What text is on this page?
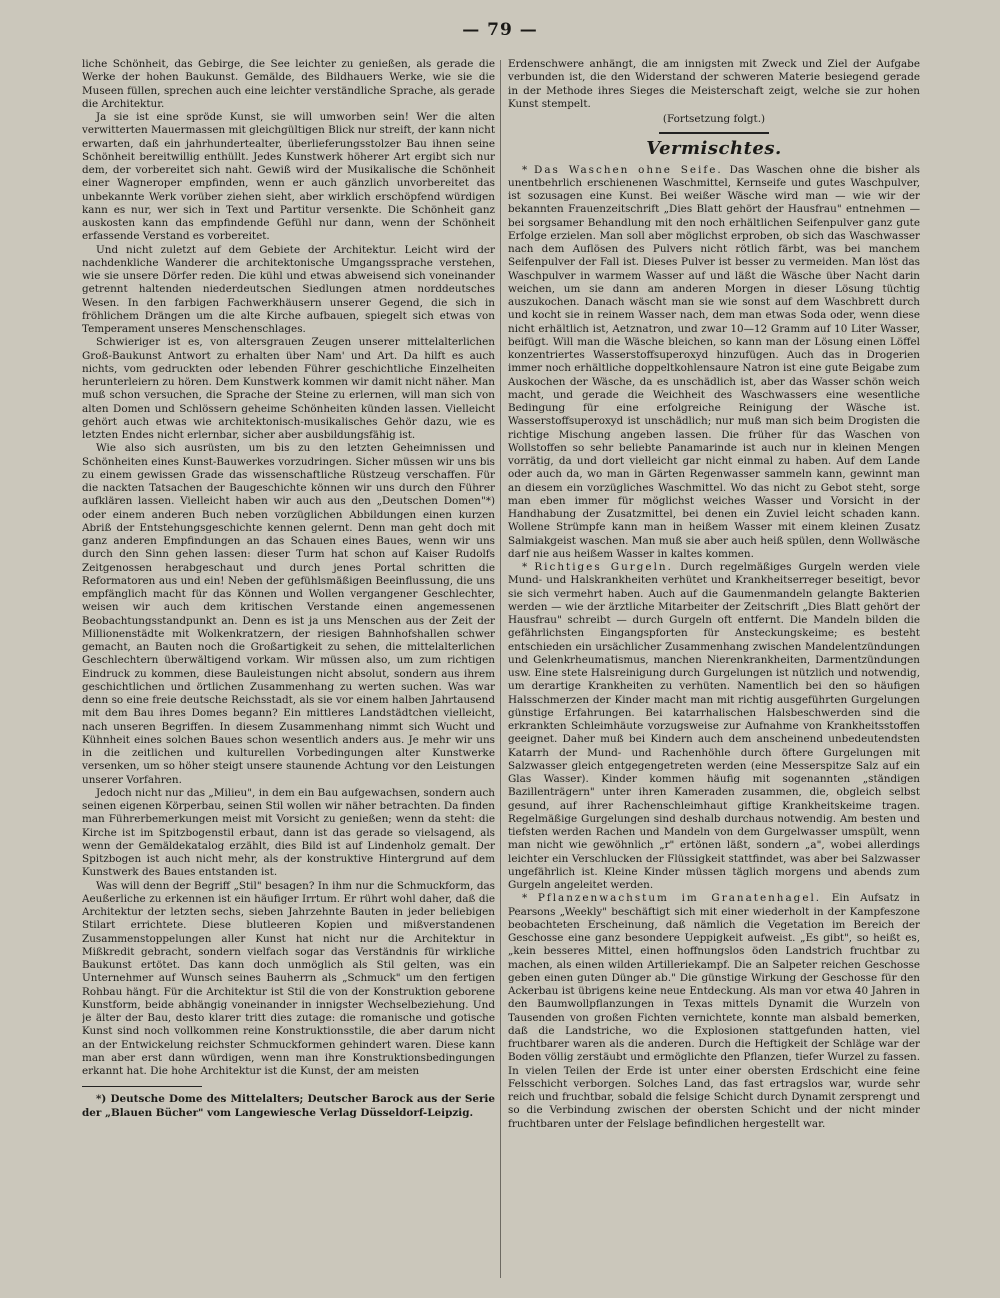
— 79 —

liche Schönheit, das Gebirge, die See leichter zu genießen, als gerade die Werke der hohen Baukunst. Gemälde, des Bildhauers Werke, wie sie die Museen füllen, sprechen auch eine leichter verständliche Sprache, als gerade die Architektur.

Ja sie ist eine spröde Kunst, sie will umworben sein! Wer die alten verwitterten Mauermassen mit gleichgültigen Blick nur streift, der kann nicht erwarten, daß ein jahrhundertealter, überlieferungsstolzer Bau ihnen seine Schönheit bereitwillig enthüllt. Jedes Kunstwerk höherer Art ergibt sich nur dem, der vorbereitet sich naht. Gewiß wird der Musikalische die Schönheit einer Wagneroper empfinden, wenn er auch gänzlich unvorbereitet das unbekannte Werk vorüber ziehen sieht, aber wirklich erschöpfend würdigen kann es nur, wer sich in Text und Partitur versenkte. Die Schönheit ganz auskosten kann das empfindende Gefühl nur dann, wenn der Schönheit erfassende Verstand es vorbereitet.

Und nicht zuletzt auf dem Gebiete der Architektur. Leicht wird der nachdenkliche Wanderer die architektonische Umgangssprache verstehen, wie sie unsere Dörfer reden. Die kühl und etwas abweisend sich voneinander getrennt haltenden niederdeutschen Siedlungen atmen norddeutsches Wesen. In den farbigen Fachwerkhäusern unserer Gegend, die sich in fröhlichem Drängen um die alte Kirche aufbauen, spiegelt sich etwas von Temperament unseres Menschenschlages.

Schwieriger ist es, von altersgrauen Zeugen unserer mittelalterlichen Groß-Baukunst Antwort zu erhalten über Nam' und Art. Da hilft es auch nichts, vom gedruckten oder lebenden Führer geschichtliche Einzelheiten herunterleiern zu hören. Dem Kunstwerk kommen wir damit nicht näher. Man muß schon versuchen, die Sprache der Steine zu erlernen, will man sich von alten Domen und Schlössern geheime Schönheiten künden lassen. Vielleicht gehört auch etwas wie architektonisch-musikalisches Gehör dazu, wie es letzten Endes nicht erlernbar, sicher aber ausbildungsfähig ist.

Wie also sich ausrüsten, um bis zu den letzten Geheimnissen und Schönheiten eines Kunst-Bauwerkes vorzudringen. Sicher müssen wir uns bis zu einem gewissen Grade das wissenschaftliche Rüstzeug verschaffen. Für die nackten Tatsachen der Baugeschichte können wir uns durch den Führer aufklären lassen. Vielleicht haben wir auch aus den „Deutschen Domen"*) oder einem anderen Buch neben vorzüglichen Abbildungen einen kurzen Abriß der Entstehungsgeschichte kennen gelernt. Denn man geht doch mit ganz anderen Empfindungen an das Schauen eines Baues, wenn wir uns durch den Sinn gehen lassen: dieser Turm hat schon auf Kaiser Rudolfs Zeitgenossen herabgeschaut und durch jenes Portal schritten die Reformatoren aus und ein! Neben der gefühlsmäßigen Beeinflussung, die uns empfänglich macht für das Können und Wollen vergangener Geschlechter, weisen wir auch dem kritischen Verstande einen angemessenen Beobachtungsstandpunkt an. Denn es ist ja uns Menschen aus der Zeit der Millionenstädte mit Wolkenkratzern, der riesigen Bahnhofshallen schwer gemacht, an Bauten noch die Großartigkeit zu sehen, die mittelalterlichen Geschlechtern überwältigend vorkam. Wir müssen also, um zum richtigen Eindruck zu kommen, diese Bauleistungen nicht absolut, sondern aus ihrem geschichtlichen und örtlichen Zusammenhang zu werten suchen. Was war denn so eine freie deutsche Reichsstadt, als sie vor einem halben Jahrtausend mit dem Bau ihres Domes begann? Ein mittleres Landstädtchen vielleicht, nach unseren Begriffen. In diesem Zusammenhang nimmt sich Wucht und Kühnheit eines solchen Baues schon wesentlich anders aus. Je mehr wir uns in die zeitlichen und kulturellen Vorbedingungen alter Kunstwerke versenken, um so höher steigt unsere staunende Achtung vor den Leistungen unserer Vorfahren.

Jedoch nicht nur das „Milieu", in dem ein Bau aufgewachsen, sondern auch seinen eigenen Körperbau, seinen Stil wollen wir näher betrachten. Da finden man Führerbemerkungen meist mit Vorsicht zu genießen; wenn da steht: die Kirche ist im Spitzbogenstil erbaut, dann ist das gerade so vielsagend, als wenn der Gemäldekatalog erzählt, dies Bild ist auf Lindenholz gemalt. Der Spitzbogen ist auch nicht mehr, als der konstruktive Hintergrund auf dem Kunstwerk des Baues entstanden ist.

Was will denn der Begriff „Stil" besagen? In ihm nur die Schmuckform, das Aeußerliche zu erkennen ist ein häufiger Irrtum. Er rührt wohl daher, daß die Architektur der letzten sechs, sieben Jahrzehnte Bauten in jeder beliebigen Stilart errichtete. Diese blutleeren Kopien und mißverstandenen Zusammenstoppelungen aller Kunst hat nicht nur die Architektur in Mißkredit gebracht, sondern vielfach sogar das Verständnis für wirkliche Baukunst ertötet. Das kann doch unmöglich als Stil gelten, was ein Unternehmer auf Wunsch seines Bauherrn als „Schmuck" um den fertigen Rohbau hängt. Für die Architektur ist Stil die von der Konstruktion geborene Kunstform, beide abhängig voneinander in innigster Wechselbeziehung. Und je älter der Bau, desto klarer tritt dies zutage: die romanische und gotische Kunst sind noch vollkommen reine Konstruktionsstile, die aber darum nicht an der Entwickelung reichster Schmuckformen gehindert waren. Diese kann man aber erst dann würdigen, wenn man ihre Konstruktionsbedingungen erkannt hat. Die hohe Architektur ist die Kunst, der am meisten

*) Deutsche Dome des Mittelalters; Deutscher Barock aus der Serie der „Blauen Bücher" vom Langewiesche Verlag Düsseldorf-Leipzig.

Erdenschwere anhängt, die am innigsten mit Zweck und Ziel der Aufgabe verbunden ist, die den Widerstand der schweren Materie besiegend gerade in der Methode ihres Sieges die Meisterschaft zeigt, welche sie zur hohen Kunst stempelt.

(Fortsetzung folgt.)

Vermischtes.

* Das Waschen ohne Seife. Das Waschen ohne die bisher als unentbehrlich erschienenen Waschmittel, Kernseife und gutes Waschpulver, ist sozusagen eine Kunst. Bei weißer Wäsche wird man — wie wir der bekannten Frauenzeitschrift „Dies Blatt gehört der Hausfrau" entnehmen — bei sorgsamer Behandlung mit den noch erhältlichen Seifenpulver ganz gute Erfolge erzielen. Man soll aber möglichst erproben, ob sich das Waschwasser nach dem Auflösen des Pulvers nicht rötlich färbt, was bei manchem Seifenpulver der Fall ist. Dieses Pulver ist besser zu vermeiden. Man löst das Waschpulver in warmem Wasser auf und läßt die Wäsche über Nacht darin weichen, um sie dann am anderen Morgen in dieser Lösung tüchtig auszukochen. Danach wäscht man sie wie sonst auf dem Waschbrett durch und kocht sie in reinem Wasser nach, dem man etwas Soda oder, wenn diese nicht erhältlich ist, Aetznatron, und zwar 10—12 Gramm auf 10 Liter Wasser, beifügt. Will man die Wäsche bleichen, so kann man der Lösung einen Löffel konzentriertes Wasserstoffsuperoxyd hinzufügen. Auch das in Drogerien immer noch erhältliche doppeltkohlensaure Natron ist eine gute Beigabe zum Auskochen der Wäsche, da es unschädlich ist, aber das Wasser schön weich macht, und gerade die Weichheit des Waschwassers eine wesentliche Bedingung für eine erfolgreiche Reinigung der Wäsche ist. Wasserstoffsuperoxyd ist unschädlich; nur muß man sich beim Drogisten die richtige Mischung angeben lassen. Die früher für das Waschen von Wollstoffen so sehr beliebte Panamarinde ist auch nur in kleinen Mengen vorrätig, da und dort vielleicht gar nicht einmal zu haben. Auf dem Lande oder auch da, wo man in Gärten Regenwasser sammeln kann, gewinnt man an diesem ein vorzügliches Waschmittel. Wo das nicht zu Gebot steht, sorge man eben immer für möglichst weiches Wasser und Vorsicht in der Handhabung der Zusatzmittel, bei denen ein Zuviel leicht schaden kann. Wollene Strümpfe kann man in heißem Wasser mit einem kleinen Zusatz Salmiakgeist waschen. Man muß sie aber auch heiß spülen, denn Wollwäsche darf nie aus heißem Wasser in kaltes kommen.

* Richtiges Gurgeln. Durch regelmäßiges Gurgeln werden viele Mund- und Halskrankheiten verhütet und Krankheitserreger beseitigt, bevor sie sich vermehrt haben. Auch auf die Gaumenmandeln gelangte Bakterien werden — wie der ärztliche Mitarbeiter der Zeitschrift „Dies Blatt gehört der Hausfrau" schreibt — durch Gurgeln oft entfernt. Die Mandeln bilden die gefährlichsten Eingangspforten für Ansteckungskeime; es besteht entschieden ein ursächlicher Zusammenhang zwischen Mandelentzündungen und Gelenkrheumatismus, manchen Nierenkrankheiten, Darmentzündungen usw. Eine stete Halsreinigung durch Gurgelungen ist nützlich und notwendig, um derartige Krankheiten zu verhüten. Namentlich bei den so häufigen Halsschmerzen der Kinder macht man mit richtig ausgeführten Gurgelungen günstige Erfahrungen. Bei katarrhalischen Halsbeschwerden sind die erkrankten Schleimhäute vorzugsweise zur Aufnahme von Krankheitsstoffen geeignet. Daher muß bei Kindern auch dem anscheinend unbedeutendsten Katarrh der Mund- und Rachenhöhle durch öftere Gurgelungen mit Salzwasser gleich entgegengetreten werden (eine Messerspitze Salz auf ein Glas Wasser). Kinder kommen häufig mit sogenannten „ständigen Bazillenträgern" unter ihren Kameraden zusammen, die, obgleich selbst gesund, auf ihrer Rachenschleimhaut giftige Krankheitskeime tragen. Regelmäßige Gurgelungen sind deshalb durchaus notwendig. Am besten und tiefsten werden Rachen und Mandeln von dem Gurgelwasser umspült, wenn man nicht wie gewöhnlich „r" ertönen läßt, sondern „a", wobei allerdings leichter ein Verschlucken der Flüssigkeit stattfindet, was aber bei Salzwasser ungefährlich ist. Kleine Kinder müssen täglich morgens und abends zum Gurgeln angeleitet werden.

* Pflanzenwachstum im Granatenhagel. Ein Aufsatz in Pearsons „Weekly" beschäftigt sich mit einer wiederholt in der Kampfeszone beobachteten Erscheinung, daß nämlich die Vegetation im Bereich der Geschosse eine ganz besondere Ueppigkeit aufweist. „Es gibt", so heißt es, „kein besseres Mittel, einen hoffnungslos öden Landstrich fruchtbar zu machen, als einen wilden Artilleriekampf. Die an Salpeter reichen Geschosse geben einen guten Dünger ab." Die günstige Wirkung der Geschosse für den Ackerbau ist übrigens keine neue Entdeckung. Als man vor etwa 40 Jahren in den Baumwollpflanzungen in Texas mittels Dynamit die Wurzeln von Tausenden von großen Fichten vernichtete, konnte man alsbald bemerken, daß die Landstriche, wo die Explosionen stattgefunden hatten, viel fruchtbarer waren als die anderen. Durch die Heftigkeit der Schläge war der Boden völlig zerstäubt und ermöglichte den Pflanzen, tiefer Wurzel zu fassen. In vielen Teilen der Erde ist unter einer obersten Erdschicht eine feine Felsschicht verborgen. Solches Land, das fast ertragslos war, wurde sehr reich und fruchtbar, sobald die felsige Schicht durch Dynamit zersprengt und so die Verbindung zwischen der obersten Schicht und der nicht minder fruchtbaren unter der Felslage befindlichen hergestellt war.
